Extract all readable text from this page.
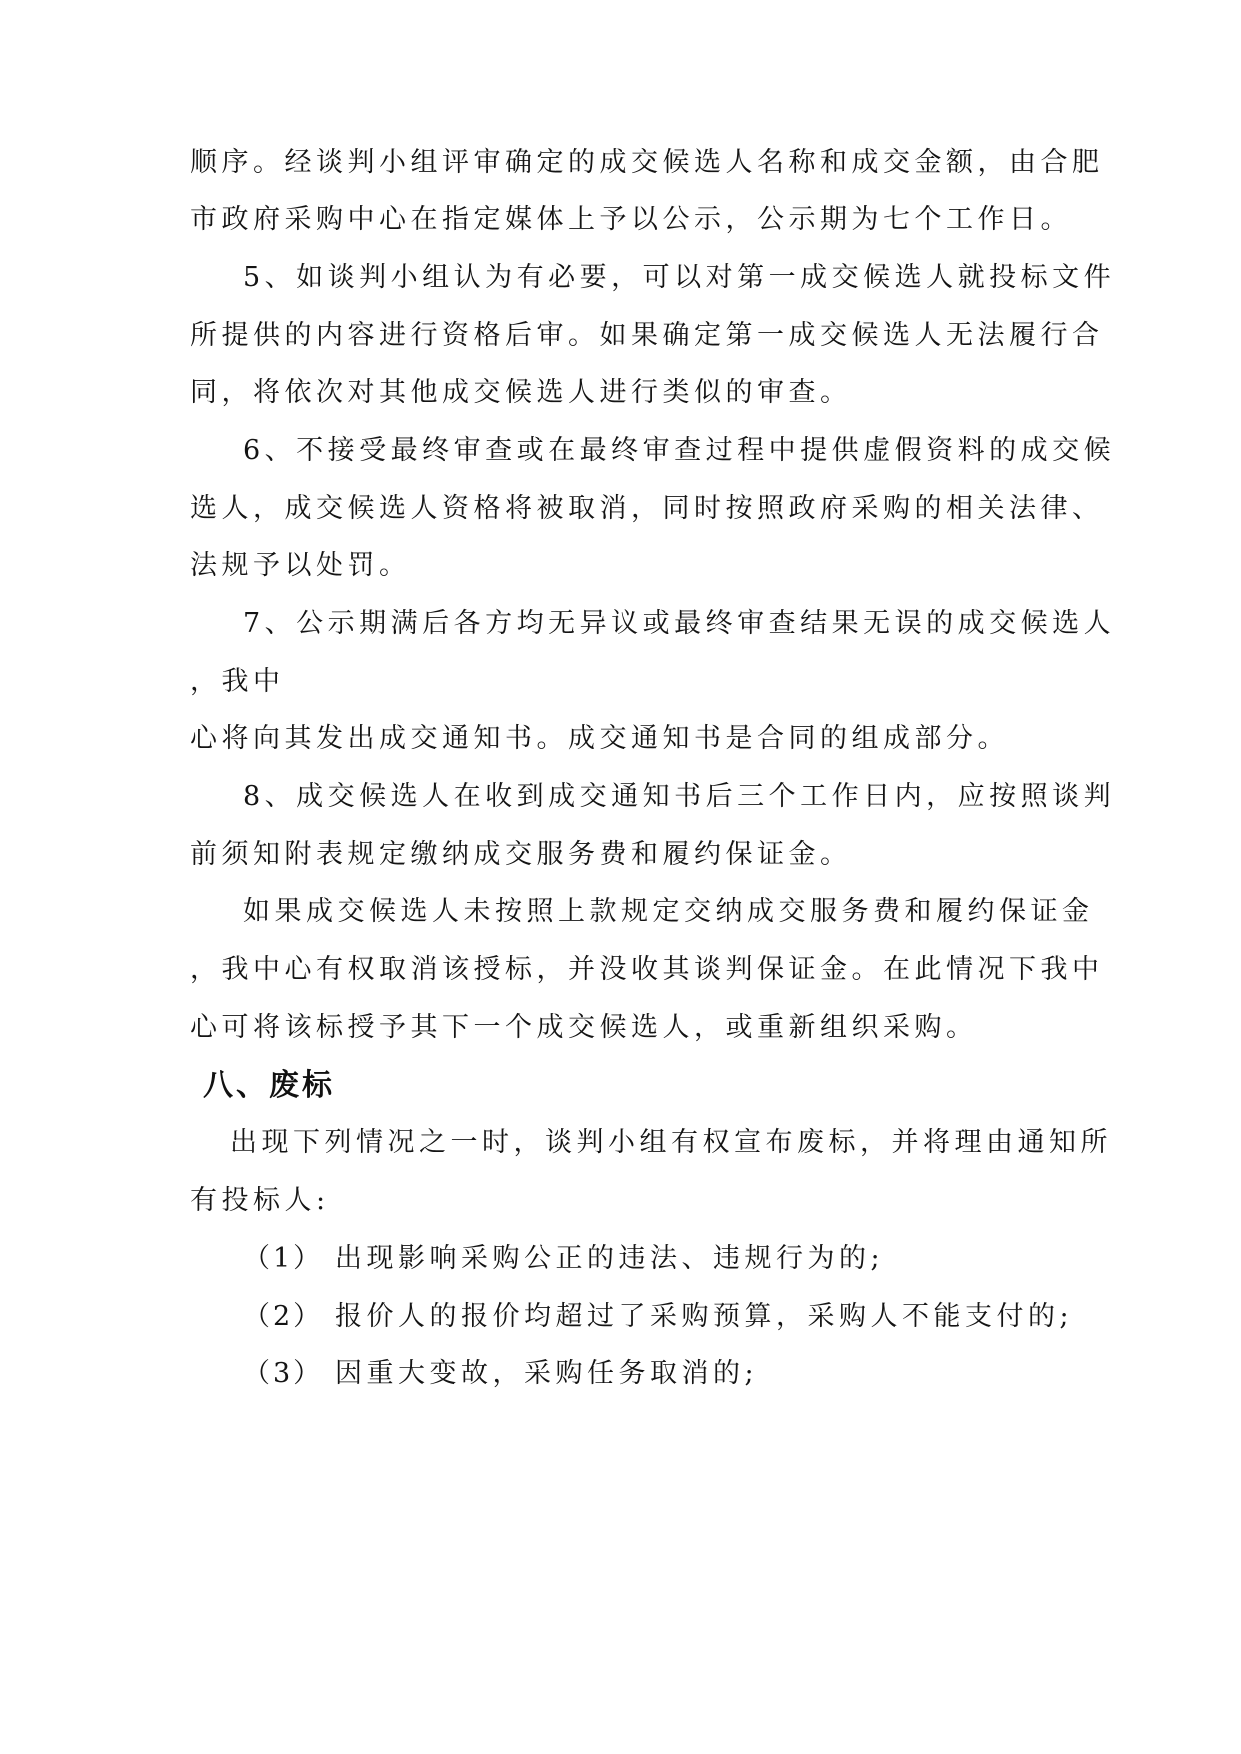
顺序。经谈判小组评审确定的成交候选人名称和成交金额，由合肥
市政府采购中心在指定媒体上予以公示，公示期为七个工作日。
5、如谈判小组认为有必要，可以对第一成交候选人就投标文件
所提供的内容进行资格后审。如果确定第一成交候选人无法履行合
同，将依次对其他成交候选人进行类似的审查。
6、不接受最终审查或在最终审查过程中提供虚假资料的成交候
选人，成交候选人资格将被取消，同时按照政府采购的相关法律、
法规予以处罚。
7、公示期满后各方均无异议或最终审查结果无误的成交候选人
，我中
心将向其发出成交通知书。成交通知书是合同的组成部分。
8、成交候选人在收到成交通知书后三个工作日内，应按照谈判
前须知附表规定缴纳成交服务费和履约保证金。
如果成交候选人未按照上款规定交纳成交服务费和履约保证金
，我中心有权取消该授标，并没收其谈判保证金。在此情况下我中
心可将该标授予其下一个成交候选人，或重新组织采购。
八、废标
出现下列情况之一时，谈判小组有权宣布废标，并将理由通知所
有投标人:
（1） 出现影响采购公正的违法、违规行为的;
（2） 报价人的报价均超过了采购预算，采购人不能支付的;
（3） 因重大变故，采购任务取消的;
